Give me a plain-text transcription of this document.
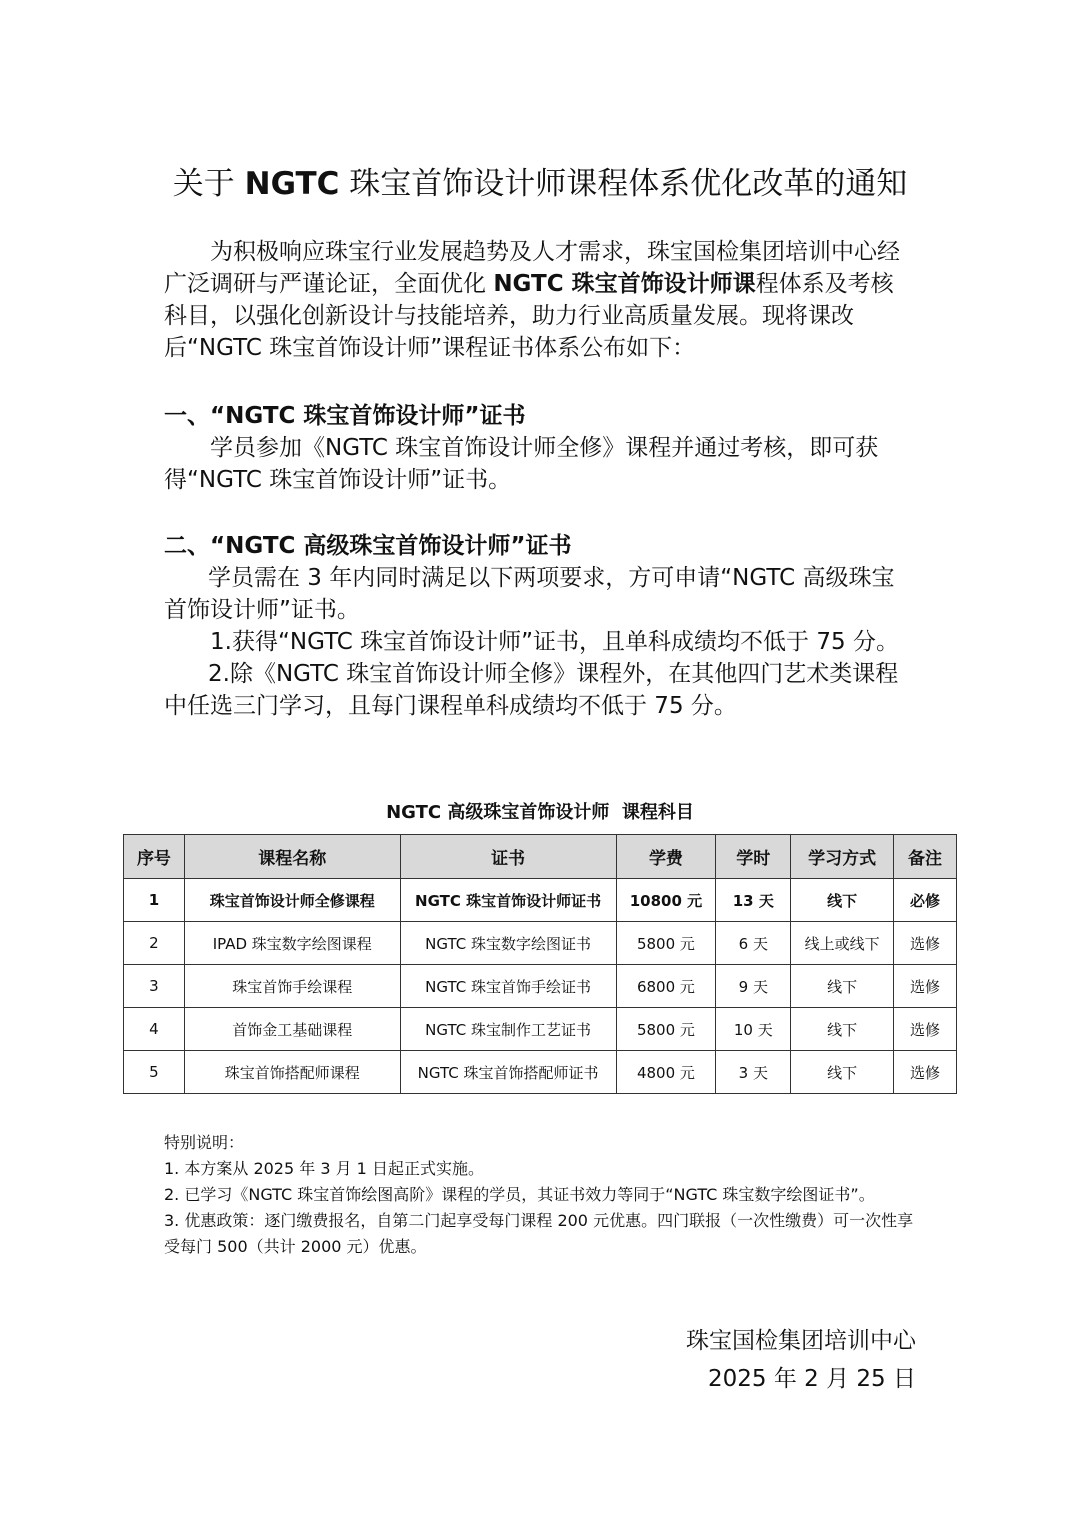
关于 NGTC 珠宝首饰设计师课程体系优化改革的通知

为积极响应珠宝行业发展趋势及人才需求，珠宝国检集团培训中心经广泛调研与严谨论证，全面优化 NGTC 珠宝首饰设计师课程体系及考核科目，以强化创新设计与技能培养，助力行业高质量发展。现将课改后“NGTC 珠宝首饰设计师”课程证书体系公布如下：

一、“NGTC 珠宝首饰设计师”证书

学员参加《NGTC 珠宝首饰设计师全修》课程并通过考核，即可获得“NGTC 珠宝首饰设计师”证书。

二、“NGTC 高级珠宝首饰设计师”证书

学员需在 3 年内同时满足以下两项要求，方可申请“NGTC 高级珠宝首饰设计师”证书。

1.获得“NGTC 珠宝首饰设计师”证书，且单科成绩均不低于 75 分。

2.除《NGTC 珠宝首饰设计师全修》课程外，在其他四门艺术类课程中任选三门学习，且每门课程单科成绩均不低于 75 分。

NGTC 高级珠宝首饰设计师  课程科目
序号	课程名称	证书	学费	学时	学习方式	备注
1	珠宝首饰设计师全修课程	NGTC 珠宝首饰设计师证书	10800 元	13 天	线下	必修
2	IPAD 珠宝数字绘图课程	NGTC 珠宝数字绘图证书	5800 元	6 天	线上或线下	选修
3	珠宝首饰手绘课程	NGTC 珠宝首饰手绘证书	6800 元	9 天	线下	选修
4	首饰金工基础课程	NGTC 珠宝制作工艺证书	5800 元	10 天	线下	选修
5	珠宝首饰搭配师课程	NGTC 珠宝首饰搭配师证书	4800 元	3 天	线下	选修

特别说明：

1. 本方案从 2025 年 3 月 1 日起正式实施。

2. 已学习《NGTC 珠宝首饰绘图高阶》课程的学员，其证书效力等同于“NGTC 珠宝数字绘图证书”。

3. 优惠政策：逐门缴费报名，自第二门起享受每门课程 200 元优惠。四门联报（一次性缴费）可一次性享受每门 500（共计 2000 元）优惠。

珠宝国检集团培训中心

2025 年 2 月 25 日
